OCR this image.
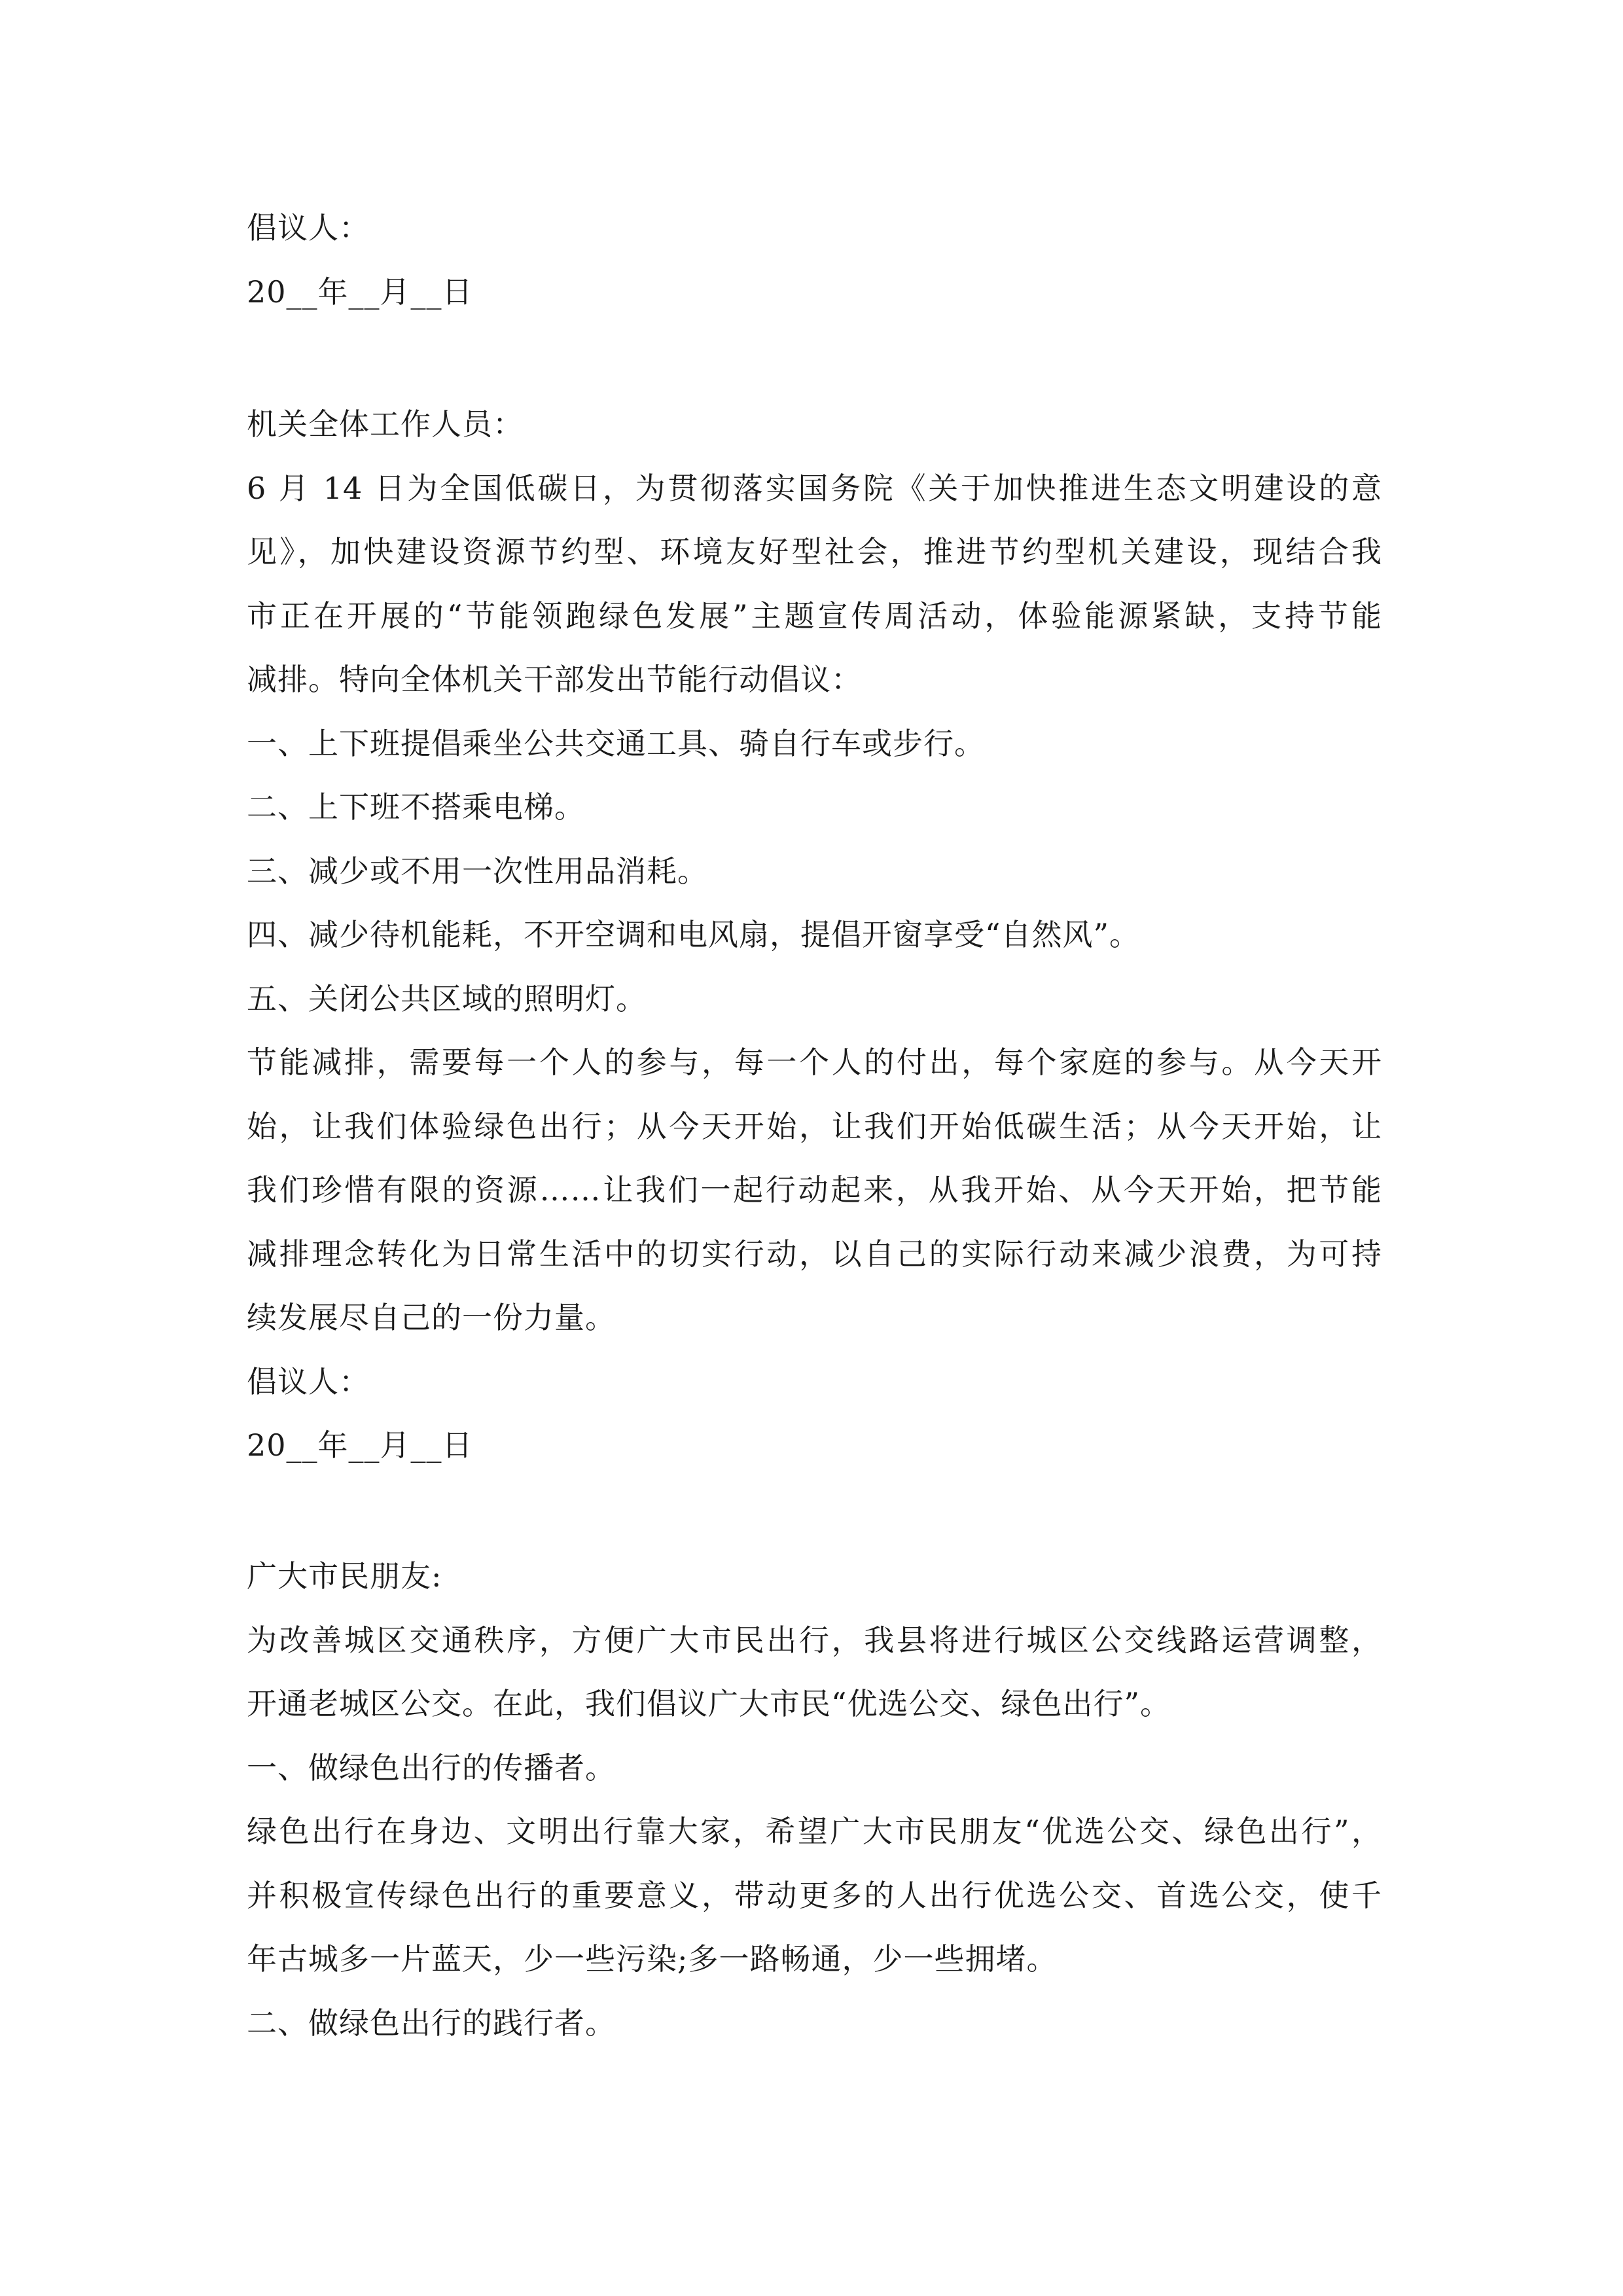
倡议人：
20__年__月__日
机关全体工作人员：
6 月 14 日为全国低碳日，为贯彻落实国务院《关于加快推进生态文明建设的意
见》，加快建设资源节约型、环境友好型社会，推进节约型机关建设，现结合我
市正在开展的“节能领跑绿色发展”主题宣传周活动，体验能源紧缺，支持节能
减排。特向全体机关干部发出节能行动倡议：
一、上下班提倡乘坐公共交通工具、骑自行车或步行。
二、上下班不搭乘电梯。
三、减少或不用一次性用品消耗。
四、减少待机能耗，不开空调和电风扇，提倡开窗享受“自然风”。
五、关闭公共区域的照明灯。
节能减排，需要每一个人的参与，每一个人的付出，每个家庭的参与。从今天开
始，让我们体验绿色出行；从今天开始，让我们开始低碳生活；从今天开始，让
我们珍惜有限的资源……让我们一起行动起来，从我开始、从今天开始，把节能
减排理念转化为日常生活中的切实行动，以自己的实际行动来减少浪费，为可持
续发展尽自己的一份力量。
倡议人：
20__年__月__日
广大市民朋友:
为改善城区交通秩序，方便广大市民出行，我县将进行城区公交线路运营调整，
开通老城区公交。在此，我们倡议广大市民“优选公交、绿色出行”。
一、做绿色出行的传播者。
绿色出行在身边、文明出行靠大家，希望广大市民朋友“优选公交、绿色出行”，
并积极宣传绿色出行的重要意义，带动更多的人出行优选公交、首选公交，使千
年古城多一片蓝天，少一些污染;多一路畅通，少一些拥堵。
二、做绿色出行的践行者。
